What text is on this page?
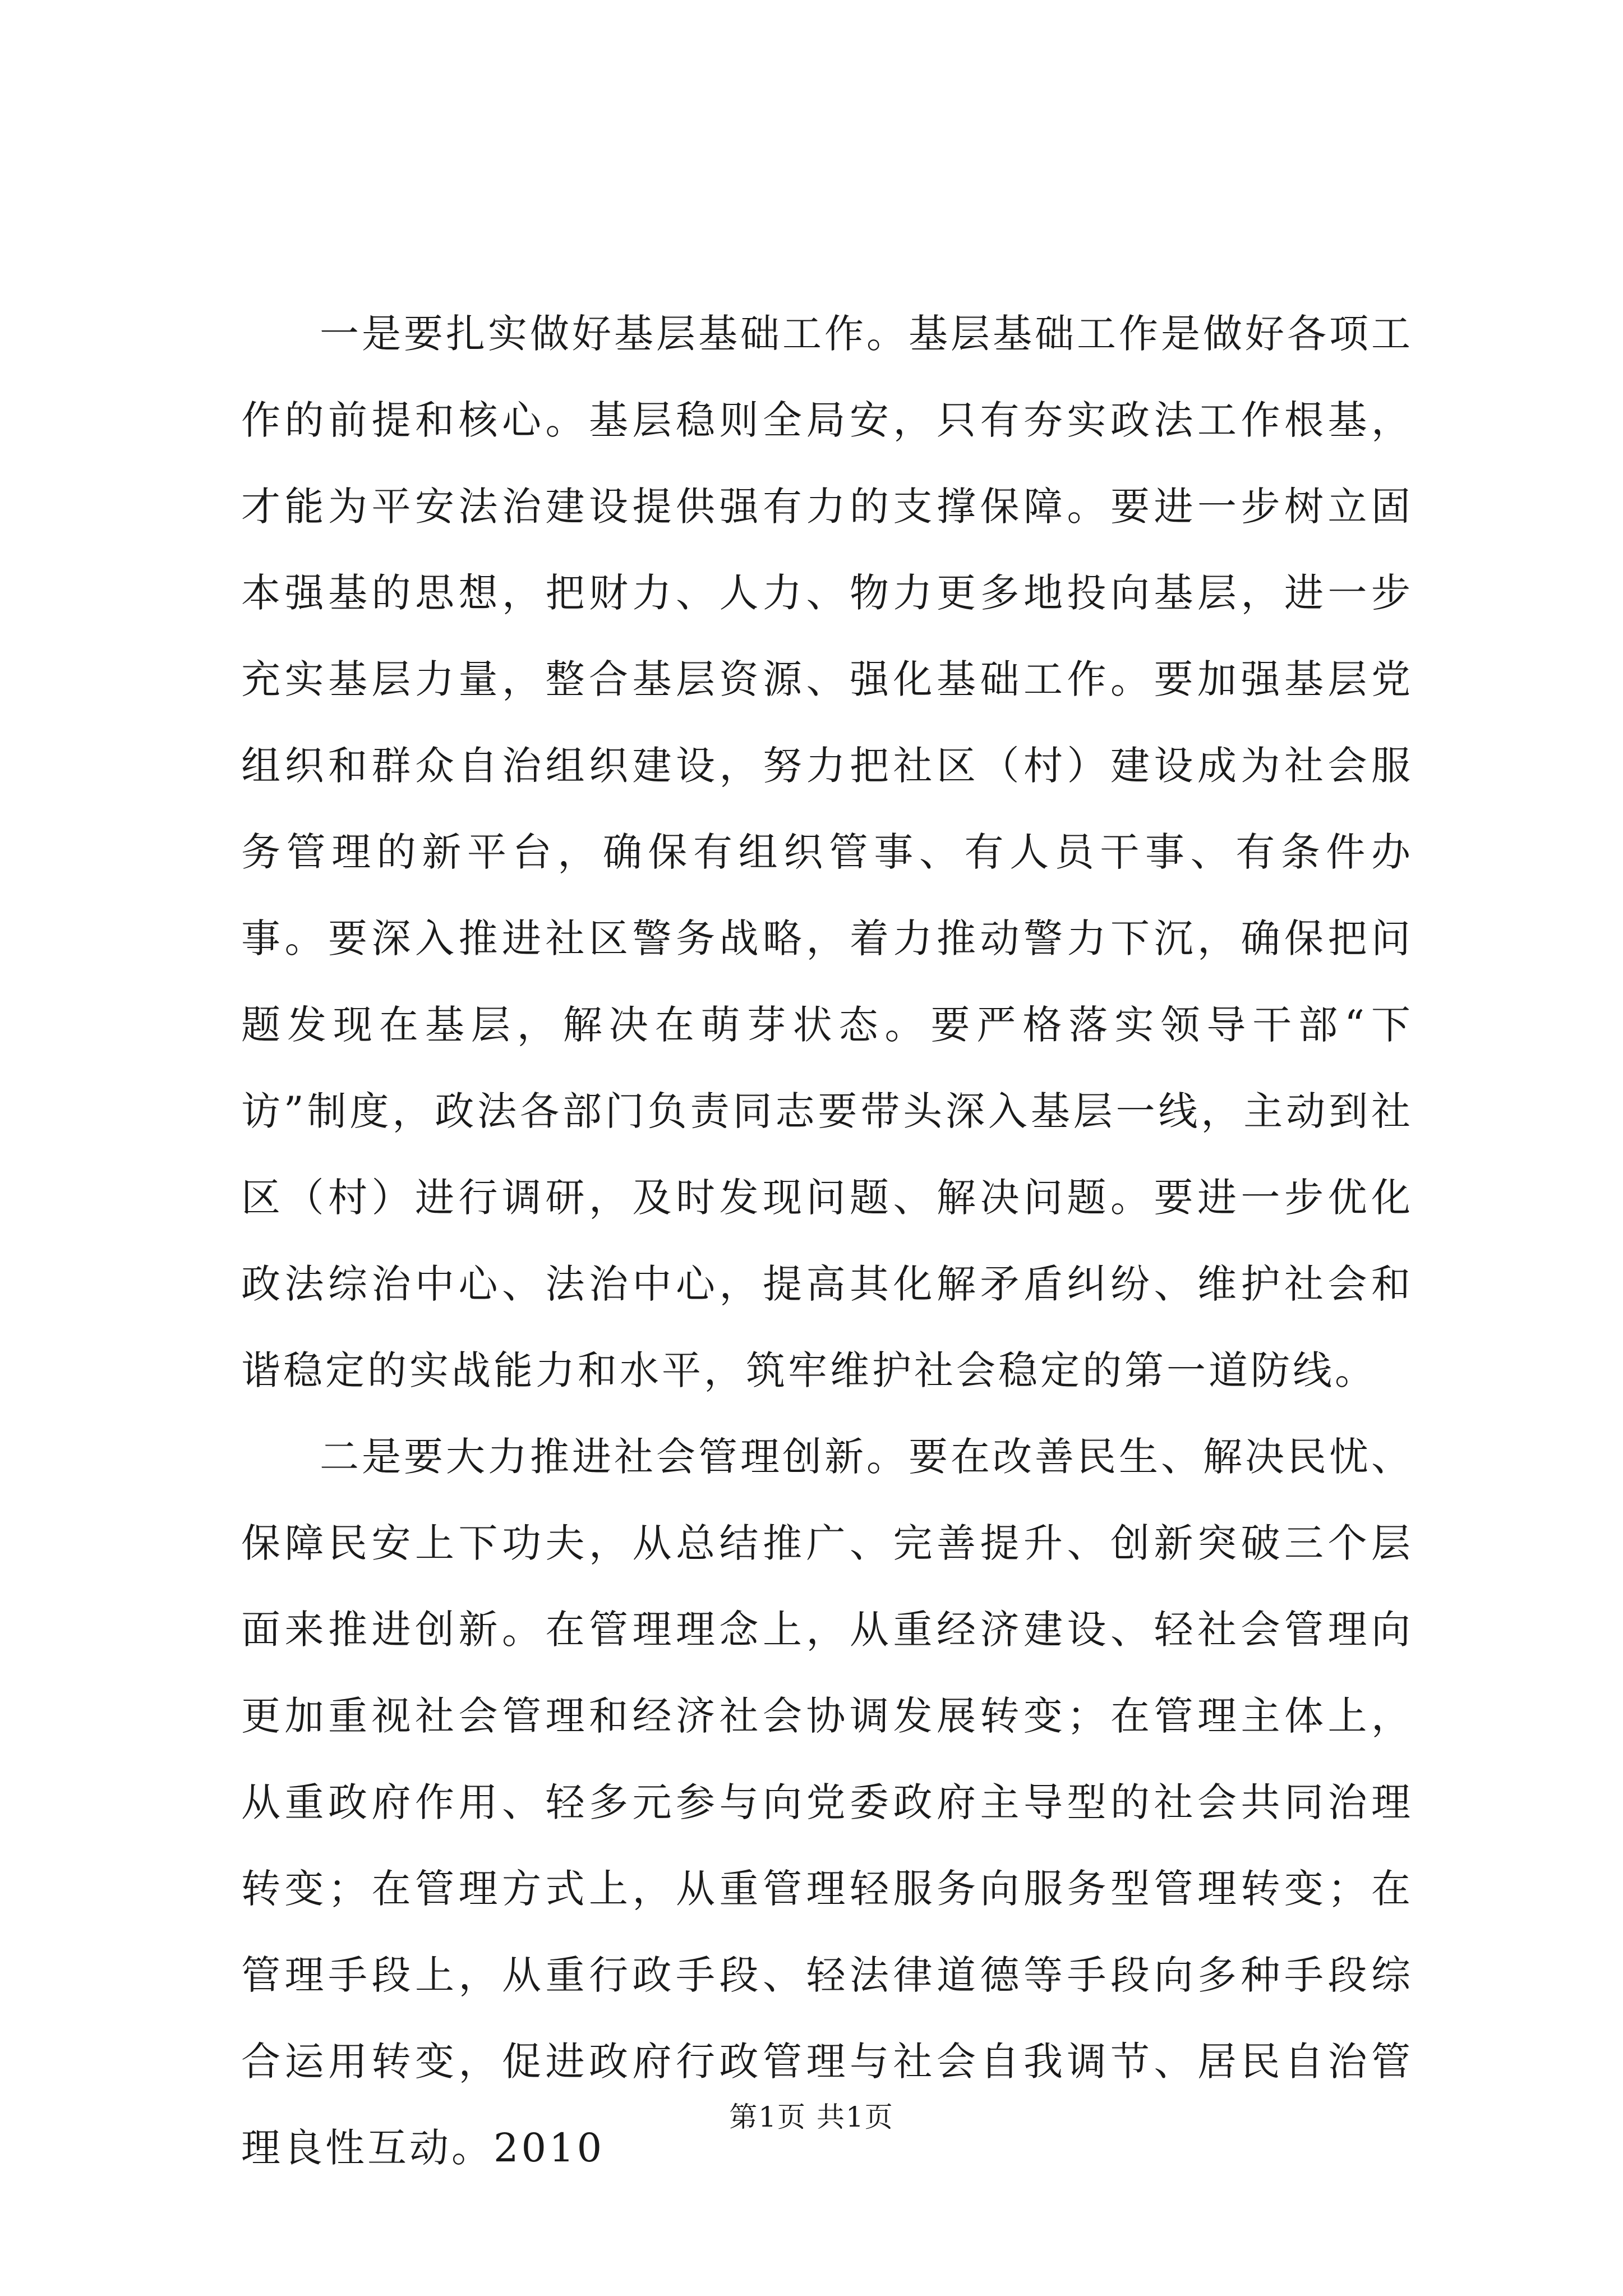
一是要扎实做好基层基础工作。基层基础工作是做好各项工作的前提和核心。基层稳则全局安，只有夯实政法工作根基，才能为平安法治建设提供强有力的支撑保障。要进一步树立固本强基的思想，把财力、人力、物力更多地投向基层，进一步充实基层力量，整合基层资源、强化基础工作。要加强基层党组织和群众自治组织建设，努力把社区（村）建设成为社会服务管理的新平台，确保有组织管事、有人员干事、有条件办事。要深入推进社区警务战略，着力推动警力下沉，确保把问题发现在基层，解决在萌芽状态。要严格落实领导干部“下访”制度，政法各部门负责同志要带头深入基层一线，主动到社区（村）进行调研，及时发现问题、解决问题。要进一步优化政法综治中心、法治中心，提高其化解矛盾纠纷、维护社会和谐稳定的实战能力和水平，筑牢维护社会稳定的第一道防线。

二是要大力推进社会管理创新。要在改善民生、解决民忧、保障民安上下功夫，从总结推广、完善提升、创新突破三个层面来推进创新。在管理理念上，从重经济建设、轻社会管理向更加重视社会管理和经济社会协调发展转变；在管理主体上，从重政府作用、轻多元参与向党委政府主导型的社会共同治理转变；在管理方式上，从重管理轻服务向服务型管理转变；在管理手段上，从重行政手段、轻法律道德等手段向多种手段综合运用转变，促进政府行政管理与社会自我调节、居民自治管理良性互动。2010

第1页 共1页
